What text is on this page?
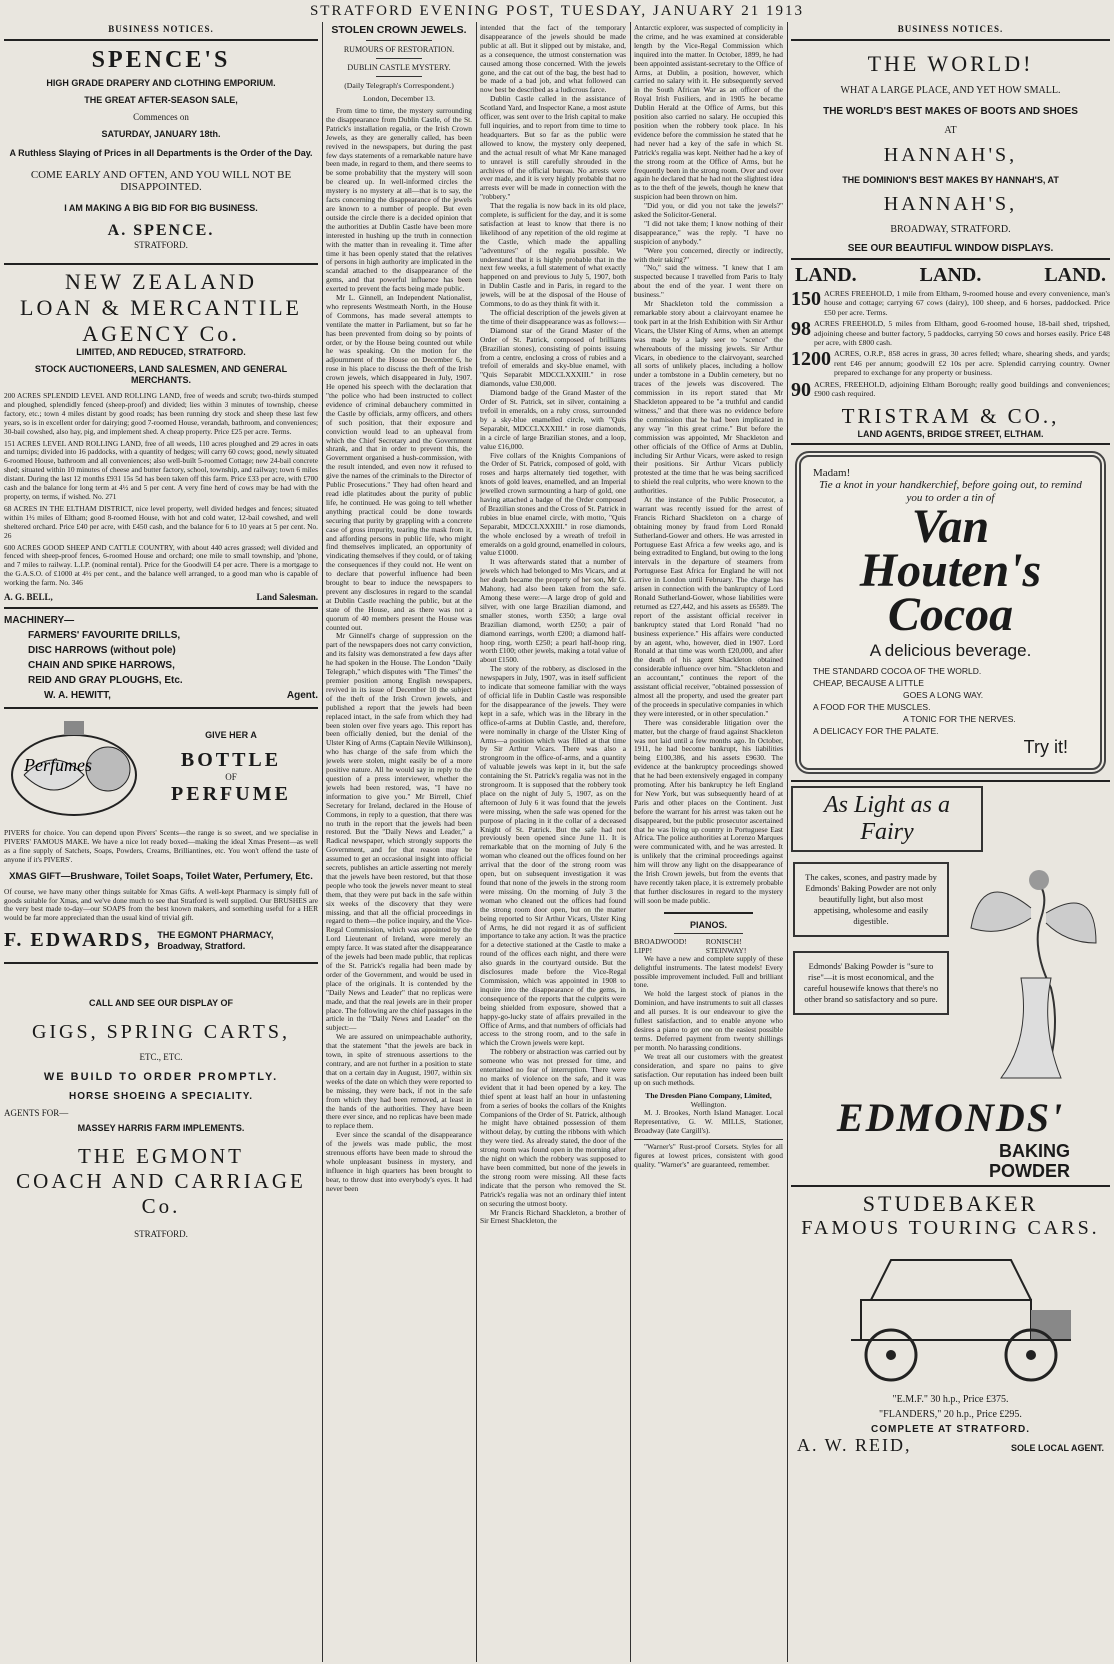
STRATFORD EVENING POST, TUESDAY, JANUARY 21 1913
BUSINESS NOTICES.
SPENCE'S
HIGH GRADE DRAPERY AND CLOTHING EMPORIUM.
THE GREAT AFTER-SEASON SALE,
Commences on
SATURDAY, JANUARY 18th.
A Ruthless Slaying of Prices in all Departments is the Order of the Day.
COME EARLY AND OFTEN, AND YOU WILL NOT BE DISAPPOINTED.
I AM MAKING A BIG BID FOR BIG BUSINESS.
A. SPENCE.
STRATFORD.
NEW ZEALAND
LOAN & MERCANTILE
AGENCY Co.
LIMITED, AND REDUCED, STRATFORD.
STOCK AUCTIONEERS, LAND SALESMEN, AND GENERAL MERCHANTS.
200 ACRES SPLENDID LEVEL AND ROLLING LAND, free of weeds and scrub; two-thirds stumped and ploughed, splendidly fenced (sheep-proof) and divided; lies within 3 minutes of township, cheese factory, etc.; town 4 miles distant by good roads; has been running dry stock and sheep these last few years, so is in excellent order for dairying; good 7-roomed House, verandah, bathroom, and conveniences; 30-bail cowshed, also hay, pig, and implement shed. A cheap property. Price £25 per acre. Terms.
151 ACRES LEVEL AND ROLLING LAND, free of all weeds, 110 acres ploughed and 29 acres in oats and turnips; divided into 16 paddocks, with a quantity of hedges; will carry 60 cows; good, newly situated 6-roomed House, bathroom and all conveniences; also well-built 5-roomed Cottage; new 24-bail concrete shed; situated within 10 minutes of cheese and butter factory, school, township, and railway; town 6 miles distant. During the last 12 months £931 15s 5d has been taken off this farm. Price £33 per acre, with £700 cash and the balance for long term at 4½ and 5 per cent. A very fine herd of cows may be had with the property, on terms, if wished. No. 271
68 ACRES IN THE ELTHAM DISTRICT, nice level property, well divided hedges and fences; situated within 1½ miles of Eltham; good 8-roomed House, with hot and cold water, 12-bail cowshed, and well sheltered orchard. Price £40 per acre, with £450 cash, and the balance for 6 to 10 years at 5 per cent. No. 26
600 ACRES GOOD SHEEP AND CATTLE COUNTRY, with about 440 acres grassed; well divided and fenced with sheep-proof fences, 6-roomed House and orchard; one mile to small township, and 'phone, and 7 miles to railway. L.I.P. (nominal rental). Price for the Goodwill £4 per acre. There is a mortgage to the G.A.S.O. of £1000 at 4½ per cent., and the balance well arranged, to a good man who is capable of working the farm. No. 346
A. G. BELL,	Land Salesman.
MACHINERY—
FARMERS' FAVOURITE DRILLS,
DISC HARROWS (without pole)
CHAIN AND SPIKE HARROWS,
REID AND GRAY PLOUGHS, Etc.
W. A. HEWITT,	Agent.
Perfumes
GIVE HER A
BOTTLE
OF
PERFUME
PIVERS for choice. You can depend upon Pivers' Scents—the range is so sweet, and we specialise in PIVERS' FAMOUS MAKE. We have a nice lot ready boxed—making the ideal Xmas Present—as well as a fine supply of Satchets, Soaps, Powders, Creams, Brilliantines, etc. You won't offend the taste of anyone if it's PIVERS'.
XMAS GIFT—Brushware, Toilet Soaps, Toilet Water, Perfumery, Etc.
Of course, we have many other things suitable for Xmas Gifts. A well-kept Pharmacy is simply full of goods suitable for Xmas, and we've done much to see that Stratford is well supplied. Our BRUSHES are the very best made to-day—our SOAPS from the best known makers, and something useful for a HER would be far more appreciated than the usual kind of trivial gift.
F. EDWARDS, THE EGMONT PHARMACY,
Broadway, Stratford.
CALL AND SEE OUR DISPLAY OF
GIGS, SPRING CARTS,
ETC., ETC.
WE BUILD TO ORDER PROMPTLY.
HORSE SHOEING A SPECIALITY.
AGENTS FOR—
MASSEY HARRIS FARM IMPLEMENTS.
THE EGMONT
COACH AND CARRIAGE Co.
STRATFORD.
STOLEN CROWN JEWELS.
RUMOURS OF RESTORATION.
DUBLIN CASTLE MYSTERY.
(Daily Telegraph's Correspondent.)
London, December 13.

From time to time, the mystery surrounding the disappearance from Dublin Castle, of the St. Patrick's installation regalia, or the Irish Crown Jewels, as they are generally called, has been revived in the newspapers, but during the past few days statements of a remarkable nature have been made, in regard to them, and there seems to be some probability that the mystery will soon be cleared up. In well-informed circles the mystery is no mystery at all—that is to say, the facts concerning the disappearance of the jewels are known to a number of people. But even outside the circle there is a decided opinion that the authorities at Dublin Castle have been more interested in hushing up the truth in connection with the matter than in revealing it. Time after time it has been openly stated that the relatives of persons in high authority are implicated in the scandal attached to the disappearance of the gems, and that powerful influence has been exerted to prevent the facts being made public.

Mr L. Ginnell, an Independent Nationalist, who represents Westmeath North, in the House of Commons, has made several attempts to ventilate the matter in Parliament, but so far he has been prevented from doing so by points of order, or by the House being counted out while he was speaking. On the motion for the adjournment of the House on December 6, he rose in his place to discuss the theft of the Irish crown jewels, which disappeared in July, 1907. He opened his speech with the declaration that "the police who had been instructed to collect evidence of criminal debauchery committed in the Castle by officials, army officers, and others of such position, that their exposure and conviction would lead to an upheaval from which the Chief Secretary and the Government shrank, and that in order to prevent this, the Government organised a hush-commission, with the result intended, and even now it refused to give the names of the criminals to the Director of Public Prosecutions." They had often heard and read idle platitudes about the purity of public life, he continued. He was going to tell whether anything practical could be done towards securing that purity by grappling with a concrete case of gross impurity, tearing the mask from it, and affording persons in public life, who might find themselves implicated, an opportunity of vindicating themselves if they could, or of taking the consequences if they could not. He went on to declare that powerful influence had been brought to bear to induce the newspapers to prevent any disclosures in regard to the scandal at Dublin Castle reaching the public, but at the state of the House, and as there was not a quorum of 40 members present the House was counted out.

Mr Ginnell's charge of suppression on the part of the newspapers does not carry conviction, and its falsity was demonstrated a few days after he had spoken in the House. The London "Daily Telegraph," which disputes with "The Times" the premier position among English newspapers, revived in its issue of December 10 the subject of the theft of the Irish Crown jewels, and published a report that the jewels had been replaced intact, in the safe from which they had been stolen over five years ago. This report has been officially denied, but the denial of the Ulster King of Arms (Captain Nevile Wilkinson), who has charge of the safe from which the jewels were stolen, might easily be of a more positive nature. All he would say in reply to the question of a press interviewer, whether the jewels had been restored, was, "I have no information to give you." Mr Birrell, Chief Secretary for Ireland, declared in the House of Commons, in reply to a question, that there was no truth in the report that the jewels had been restored. But the "Daily News and Leader," a Radical newspaper, which strongly supports the Government, and for that reason may be assumed to get an occasional insight into official secrets, publishes an article asserting not merely that the jewels have been restored, but that those people who took the jewels never meant to steal them, that they were put back in the safe within six weeks of the discovery that they were missing, and that all the official proceedings in regard to them—the police inquiry, and the Vice-Regal Commission, which was appointed by the Lord Lieutenant of Ireland, were merely an empty farce. It was stated after the disappearance of the jewels had been made public, that replicas of the St. Patrick's regalia had been made by order of the Government, and would be used in place of the originals. It is contended by the "Daily News and Leader" that no replicas were made, and that the real jewels are in their proper place. The following are the chief passages in the article in the "Daily News and Leader" on the subject:—

We are assured on unimpeachable authority, that the statement "that the jewels are back in town, in spite of strenuous assertions to the contrary, and are not further in a position to state that on a certain day in August, 1907, within six weeks of the date on which they were reported to be missing, they were back, if not in the safe from which they had been removed, at least in the hands of the authorities. They have been there ever since, and no replicas have been made to replace them.

Ever since the scandal of the disappearance of the jewels was made public, the most strenuous efforts have been made to shroud the whole unpleasant business in mystery, and influence in high quarters has been brought to bear, to throw dust into everybody's eyes. It had never been

intended that the fact of the temporary disappearance of the jewels should be made public at all. But it slipped out by mistake, and, as a consequence, the utmost consternation was caused among those concerned. With the jewels gone, and the cat out of the bag, the best had to be made of a bad job, and what followed can now best be described as a ludicrous farce.

Dublin Castle called in the assistance of Scotland Yard, and Inspector Kane, a most astute officer, was sent over to the Irish capital to make full inquiries, and to report from time to time to headquarters. But so far as the public were allowed to know, the mystery only deepened, and the actual result of what Mr Kane managed to unravel is still carefully shrouded in the archives of the official bureau. No arrests were ever made, and it is very highly probable that no arrests ever will be made in connection with the "robbery."

That the regalia is now back in its old place, complete, is sufficient for the day, and it is some satisfaction at least to know that there is no likelihood of any repetition of the old regime at the Castle, which made the appalling "adventures" of the regalia possible. We understand that it is highly probable that in the next few weeks, a full statement of what exactly happened on and previous to July 5, 1907, both in Dublin Castle and in Paris, in regard to the jewels, will be at the disposal of the House of Commons, to do as they think fit with it.

The official description of the jewels given at the time of their disappearance was as follows:—

Diamond star of the Grand Master of the Order of St. Patrick, composed of brilliants (Brazilian stones), consisting of points issuing from a centre, enclosing a cross of rubies and a trefoil of emeralds and sky-blue enamel, with "Quis Separabit MDCCLXXXIII." in rose diamonds, value £30,000.

Diamond badge of the Grand Master of the Order of St. Patrick, set in silver, containing a trefoil in emeralds, on a ruby cross, surrounded by a sky-blue enamelled circle, with "Quis Separabit, MDCCLXXXIII." in rose diamonds, in a circle of large Brazilian stones, and a loop, value £16,000.

Five collars of the Knights Companions of the Order of St. Patrick, composed of gold, with roses and harps alternately tied together, with knots of gold leaves, enamelled, and an Imperial jewelled crown surmounting a harp of gold, one having attached a badge of the Order composed of Brazilian stones and the Cross of St. Patrick in rubies in blue enamel circle, with motto, "Quis Separabit, MDCCLXXXIII." in rose diamonds, the whole enclosed by a wreath of trefoil in emeralds on a gold ground, enamelled in colours, value £1000.

It was afterwards stated that a number of jewels which had belonged to Mrs Vicars, and at her death became the property of her son, Mr G. Mahony, had also been taken from the safe. Among these were:—A large drop of gold and silver, with one large Brazilian diamond, and smaller stones, worth £350; a large oval Brazilian diamond, worth £250; a pair of diamond earrings, worth £200; a diamond half-hoop ring, worth £250; a pearl half-hoop ring, worth £100; other jewels, making a total value of about £1500.

The story of the robbery, as disclosed in the newspapers in July, 1907, was in itself sufficient to indicate that someone familiar with the ways of official life in Dublin Castle was responsible for the disappearance of the jewels. They were kept in a safe, which was in the library in the office-of-arms at Dublin Castle, and, therefore, were nominally in charge of the Ulster King of Arms—a position which was filled at that time by Sir Arthur Vicars. There was also a strongroom in the office-of-arms, and a quantity of valuable jewels was kept in it, but the safe containing the St. Patrick's regalia was not in the strongroom. It is supposed that the robbery took place on the night of July 5, 1907, as on the afternoon of July 6 it was found that the jewels were missing, when the safe was opened for the purpose of placing in it the collar of a deceased Knight of St. Patrick. But the safe had not previously been opened since June 11. It is remarkable that on the morning of July 6 the woman who cleaned out the offices found on her arrival that the door of the strong room was open, but on subsequent investigation it was found that none of the jewels in the strong room were missing. On the morning of July 3 the woman who cleaned out the offices had found the strong room door open, but on the matter being reported to Sir Arthur Vicars, Ulster King of Arms, he did not regard it as of sufficient importance to take any action. It was the practice for a detective stationed at the Castle to make a round of the offices each night, and there were also guards in the courtyard outside. But the disclosures made before the Vice-Regal Commission, which was appointed in 1908 to inquire into the disappearance of the gems, in consequence of the reports that the culprits were being shielded from exposure, showed that a happy-go-lucky state of affairs prevailed in the Office of Arms, and that numbers of officials had access to the strong room, and to the safe in which the Crown jewels were kept.

The robbery or abstraction was carried out by someone who was not pressed for time, and entertained no fear of interruption. There were no marks of violence on the safe, and it was evident that it had been opened by a key. The thief spent at least half an hour in unfastening from a series of books the collars of the Knights Companions of the Order of St. Patrick, although he might have obtained possession of them without delay, by cutting the ribbons with which they were tied. As already stated, the door of the strong room was found open in the morning after the night on which the robbery was supposed to have been committed, but none of the jewels in the strong room were missing. All these facts indicate that the person who removed the St. Patrick's regalia was not an ordinary thief intent on securing the utmost booty.

Mr Francis Richard Shackleton, a brother of Sir Ernest Shackleton, the

Antarctic explorer, was suspected of complicity in the crime, and he was examined at considerable length by the Vice-Regal Commission which inquired into the matter. In October, 1899, he had been appointed assistant-secretary to the Office of Arms, at Dublin, a position, however, which carried no salary with it. He subsequently served in the South African War as an officer of the Royal Irish Fusiliers, and in 1905 he became Dublin Herald at the Office of Arms, but this position also carried no salary. He occupied this position when the robbery took place. In his evidence before the commission he stated that he had never had a key of the safe in which St. Patrick's regalia was kept. Neither had he a key of the strong room at the Office of Arms, but he frequently been in the strong room. Over and over again he declared that he had not the slightest idea as to the theft of the jewels, though he knew that suspicion had been thrown on him.

"Did you, or did you not take the jewels?" asked the Solicitor-General.

"I did not take them; I know nothing of their disappearance," was the reply. "I have no suspicion of anybody."

"Were you concerned, directly or indirectly, with their taking?"

"No," said the witness. "I knew that I am suspected because I travelled from Paris to Italy about the end of the year. I went there on business."

Mr Shackleton told the commission a remarkable story about a clairvoyant enamee he took part in at the Irish Exhibition with Sir Arthur Vicars, the Ulster King of Arms, when an attempt was made by a lady seer to "scence" the whereabouts of the missing jewels. Sir Arthur Vicars, in obedience to the clairvoyant, searched all sorts of unlikely places, including a hollow under a tombstone in a Dublin cemetery, but no traces of the jewels was discovered. The commission in its report stated that Mr Shackleton appeared to be "a truthful and candid witness," and that there was no evidence before the commission that he had been implicated in any way "in this great crime." But before the commission was appointed, Mr Shackleton and other officials of the Office of Arms at Dublin, including Sir Arthur Vicars, were asked to resign their positions. Sir Arthur Vicars publicly protested at the time that he was being sacrificed to shield the real culprits, who were known to the authorities.

At the instance of the Public Prosecutor, a warrant was recently issued for the arrest of Francis Richard Shackleton on a charge of obtaining money by fraud from Lord Ronald Sutherland-Gower and others. He was arrested in Portuguese East Africa a few weeks ago, and is being extradited to England, but owing to the long intervals in the departure of steamers from Portuguese East Africa for England he will not arrive in London until February. The charge has arisen in connection with the bankruptcy of Lord Ronald Sutherland-Gower, whose liabilities were returned as £27,442, and his assets as £6589. The report of the assistant official receiver in bankruptcy stated that Lord Ronald "had no business experience." His affairs were conducted by an agent, who, however, died in 1907. Lord Ronald at that time was worth £20,000, and after the death of his agent Shackleton obtained considerable influence over him. "Shackleton and an accountant," continues the report of the assistant official receiver, "obtained possession of almost all the property, and used the greater part of the proceeds in speculative companies in which they were interested, or in other speculation."

There was considerable litigation over the matter, but the charge of fraud against Shackleton was not laid until a few months ago. In October, 1911, he had become bankrupt, his liabilities being £100,386, and his assets £9630. The evidence at the bankruptcy proceedings showed that he had been extensively engaged in company promoting. After his bankruptcy he left England for New York, but was subsequently heard of at Paris and other places on the Continent. Just before the warrant for his arrest was taken out he disappeared, but the public prosecutor ascertained that he was living up country in Portuguese East Africa. The police authorities at Lorenzo Marques were communicated with, and he was arrested. It is unlikely that the criminal proceedings against him will throw any light on the disappearance of the Irish Crown jewels, but from the events that have recently taken place, it is extremely probable that further disclosures in regard to the mystery will soon be made public.

PIANOS.
BROADWOOD! LIPP!
RONISCH! STEINWAY!

We have a new and complete supply of these delightful instruments. The latest models! Every possible improvement included. Full and brilliant tone.

We hold the largest stock of pianos in the Dominion, and have instruments to suit all classes and all purses. It is our endeavour to give the fullest satisfaction, and to enable anyone who desires a piano to get one on the easiest possible terms. Deferred payment from twenty shillings per month. No harassing conditions.

We treat all our customers with the greatest consideration, and spare no pains to give satisfaction. Our reputation has indeed been built up on such methods.

The Dresden Piano Company, Limited,
Wellington.

M. J. Brookes, North Island Manager. Local Representative, G. W. MILLS, Stationer, Broadway (late Cargill's).

"Warner's" Rust-proof Corsets. Styles for all figures at lowest prices, consistent with good quality. "Warner's" are guaranteed, remember.

BUSINESS NOTICES.
THE WORLD!
WHAT A LARGE PLACE, AND YET HOW SMALL.
THE WORLD'S BEST MAKES OF BOOTS AND SHOES
AT
HANNAH'S,
THE DOMINION'S BEST MAKES BY HANNAH'S, AT
HANNAH'S,
BROADWAY, STRATFORD.
SEE OUR BEAUTIFUL WINDOW DISPLAYS.
LAND.	LAND.	LAND.
150 ACRES FREEHOLD, 1 mile from Eltham, 9-roomed house and every convenience, man's house and cottage; carrying 67 cows (dairy), 100 sheep, and 6 horses, paddocked. Price £50 per acre. Terms.
98 ACRES FREEHOLD, 5 miles from Eltham, good 6-roomed house, 18-bail shed, tripshed, adjoining cheese and butter factory, 5 paddocks, carrying 50 cows and horses easily. Price £48 per acre, with £800 cash.
1200 ACRES, O.R.P., 858 acres in grass, 30 acres felled; whare, shearing sheds, and yards; rent £46 per annum; goodwill £2 10s per acre. Splendid carrying country. Owner prepared to exchange for any property or business.
90 ACRES, FREEHOLD, adjoining Eltham Borough; really good buildings and conveniences; £900 cash required.
TRISTRAM & CO.,
LAND AGENTS, BRIDGE STREET, ELTHAM.
Madam!
Tie a knot in your handkerchief, before going out, to remind you to order a tin of
Van
Houten's
Cocoa
A delicious beverage.
THE STANDARD COCOA OF THE WORLD.
CHEAP, BECAUSE A LITTLE
GOES A LONG WAY.
A FOOD FOR THE MUSCLES.
A TONIC FOR THE NERVES.
A DELICACY FOR THE PALATE.
Try it!
As Light as a Fairy
The cakes, scones, and pastry made by Edmonds' Baking Powder are not only beautifully light, but also most appetising, wholesome and easily digestible.
Edmonds' Baking Powder is "sure to rise"—it is most economical, and the careful housewife knows that there's no other brand so satisfactory and so pure.
EDMONDS'
BAKING
POWDER
STUDEBAKER
FAMOUS TOURING CARS.
"E.M.F." 30 h.p., Price £375.
"FLANDERS," 20 h.p., Price £295.
COMPLETE AT STRATFORD.
A. W. REID,	SOLE LOCAL AGENT.
